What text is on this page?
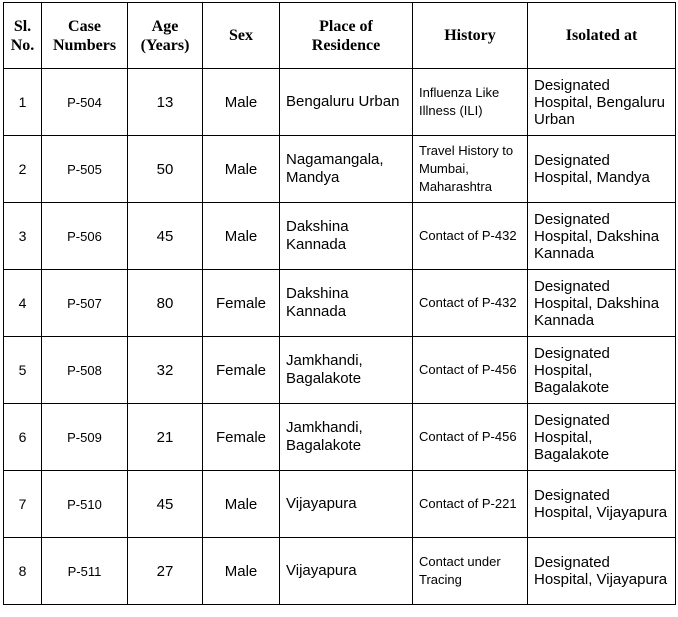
Sl. No.	Case Numbers	Age (Years)	Sex	Place of Residence	History	Isolated at
1	P-504	13	Male	Bengaluru Urban	Influenza Like Illness (ILI)	Designated Hospital, Bengaluru Urban
2	P-505	50	Male	Nagamangala, Mandya	Travel History to Mumbai, Maharashtra	Designated Hospital, Mandya
3	P-506	45	Male	Dakshina Kannada	Contact of P-432	Designated Hospital, Dakshina Kannada
4	P-507	80	Female	Dakshina Kannada	Contact of P-432	Designated Hospital, Dakshina Kannada
5	P-508	32	Female	Jamkhandi, Bagalakote	Contact of P-456	Designated Hospital, Bagalakote
6	P-509	21	Female	Jamkhandi, Bagalakote	Contact of P-456	Designated Hospital, Bagalakote
7	P-510	45	Male	Vijayapura	Contact of P-221	Designated Hospital, Vijayapura
8	P-511	27	Male	Vijayapura	Contact under Tracing	Designated Hospital, Vijayapura
